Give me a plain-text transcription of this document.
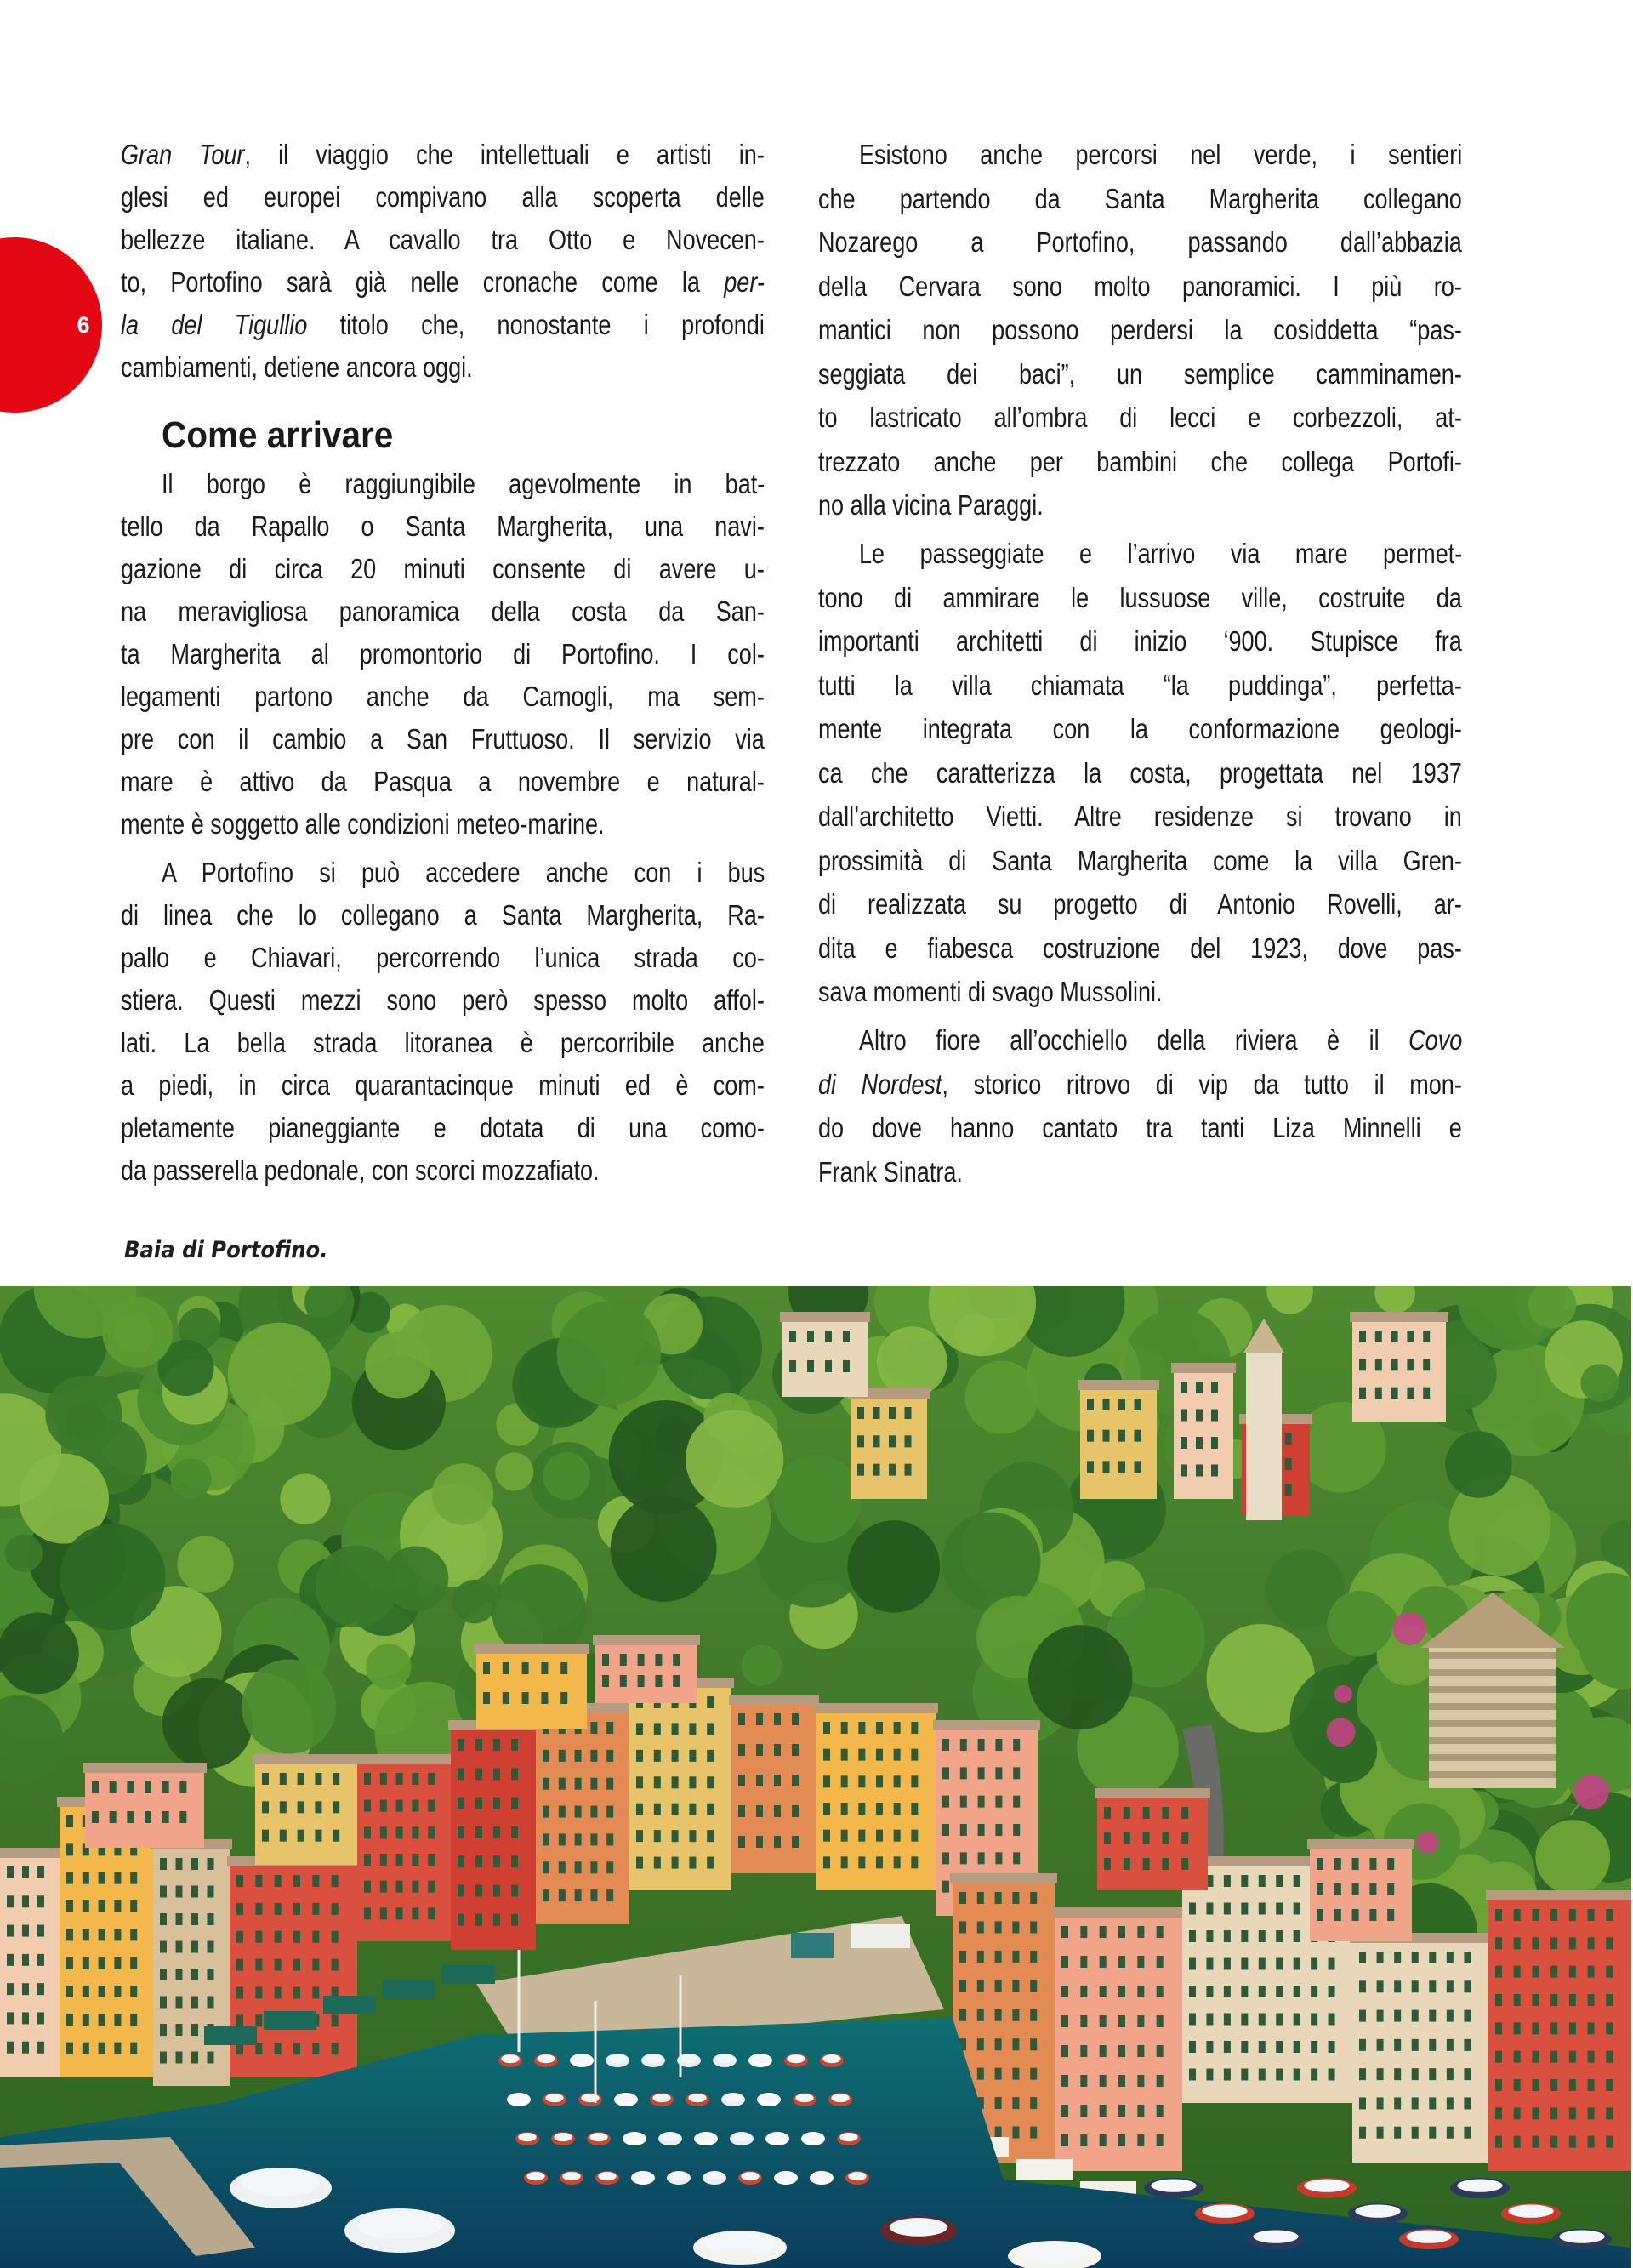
6
Gran Tour, il viaggio che intellettuali e artisti in-
glesi ed europei compivano alla scoperta delle
bellezze italiane. A cavallo tra Otto e Novecen-
to, Portofino sarà già nelle cronache come la per-
la del Tigullio titolo che, nonostante i profondi
cambiamenti, detiene ancora oggi.
Come arrivare
Il borgo è raggiungibile agevolmente in bat-
tello da Rapallo o Santa Margherita, una navi-
gazione di circa 20 minuti consente di avere u-
na meravigliosa panoramica della costa da San-
ta Margherita al promontorio di Portofino. I col-
legamenti partono anche da Camogli, ma sem-
pre con il cambio a San Fruttuoso. Il servizio via
mare è attivo da Pasqua a novembre e natural-
mente è soggetto alle condizioni meteo-marine.
A Portofino si può accedere anche con i bus
di linea che lo collegano a Santa Margherita, Ra-
pallo e Chiavari, percorrendo l’unica strada co-
stiera. Questi mezzi sono però spesso molto affol-
lati. La bella strada litoranea è percorribile anche
a piedi, in circa quarantacinque minuti ed è com-
pletamente pianeggiante e dotata di una como-
da passerella pedonale, con scorci mozzafiato.
Esistono anche percorsi nel verde, i sentieri
che partendo da Santa Margherita collegano
Nozarego a Portofino, passando dall’abbazia
della Cervara sono molto panoramici. I più ro-
mantici non possono perdersi la cosiddetta “pas-
seggiata dei baci”, un semplice camminamen-
to lastricato all’ombra di lecci e corbezzoli, at-
trezzato anche per bambini che collega Portofi-
no alla vicina Paraggi.
Le passeggiate e l’arrivo via mare permet-
tono di ammirare le lussuose ville, costruite da
importanti architetti di inizio ‘900. Stupisce fra
tutti la villa chiamata “la puddinga”, perfetta-
mente integrata con la conformazione geologi-
ca che caratterizza la costa, progettata nel 1937
dall’architetto Vietti. Altre residenze si trovano in
prossimità di Santa Margherita come la villa Gren-
di realizzata su progetto di Antonio Rovelli, ar-
dita e fiabesca costruzione del 1923, dove pas-
sava momenti di svago Mussolini.
Altro fiore all’occhiello della riviera è il Covo
di Nordest, storico ritrovo di vip da tutto il mon-
do dove hanno cantato tra tanti Liza Minnelli e
Frank Sinatra.
Baia di Portofino.
